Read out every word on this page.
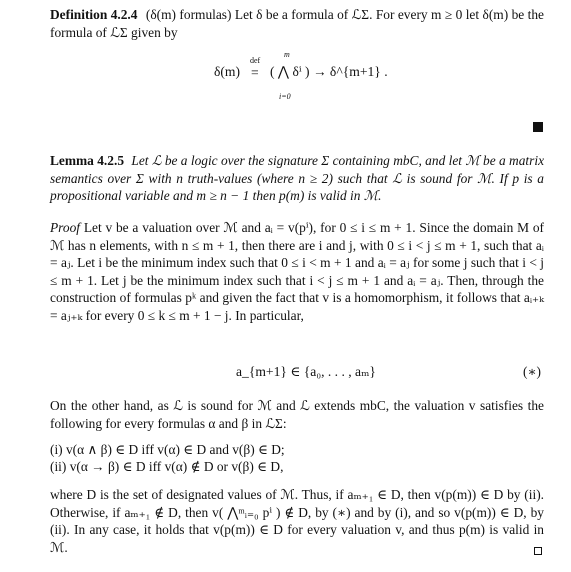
Definition 4.2.4 (δ(m) formulas) Let δ be a formula of ℒΣ. For every m ≥ 0 let δ(m) be the formula of ℒΣ given by

δ(m)
def
=
m
i=0
( ⋀ δⁱ ) → δ^{m+1} .

Lemma 4.2.5 Let ℒ be a logic over the signature Σ containing mbC, and let ℳ be a matrix semantics over Σ with n truth-values (where n ≥ 2) such that ℒ is sound for ℳ. If p is a propositional variable and m ≥ n − 1 then p(m) is valid in ℳ.

Proof Let v be a valuation over ℳ and aᵢ = v(pⁱ), for 0 ≤ i ≤ m + 1. Since the domain M of ℳ has n elements, with n ≤ m + 1, then there are i and j, with 0 ≤ i < j ≤ m + 1, such that aᵢ = aⱼ. Let i be the minimum index such that 0 ≤ i < m + 1 and aᵢ = aⱼ for some j such that i < j ≤ m + 1. Let j be the minimum index such that i < j ≤ m + 1 and aᵢ = aⱼ. Then, through the construction of formulas pᵏ and given the fact that v is a homomorphism, it follows that aᵢ₊ₖ = aⱼ₊ₖ for every 0 ≤ k ≤ m + 1 − j. In particular,

a_{m+1} ∈ {a₀, . . . , aₘ}	(∗)

On the other hand, as ℒ is sound for ℳ and ℒ extends mbC, the valuation v satisfies the following for every formulas α and β in ℒΣ:

(i) v(α ∧ β) ∈ D iff v(α) ∈ D and v(β) ∈ D;
(ii) v(α → β) ∈ D iff v(α) ∉ D or v(β) ∈ D,

where D is the set of designated values of ℳ. Thus, if aₘ₊₁ ∈ D, then v(p(m)) ∈ D by (ii). Otherwise, if aₘ₊₁ ∉ D, then v( ⋀ᵐᵢ₌₀ pⁱ ) ∉ D, by (∗) and by (i), and so v(p(m)) ∈ D, by (ii). In any case, it holds that v(p(m)) ∈ D for every valuation v, and thus p(m) is valid in ℳ.
